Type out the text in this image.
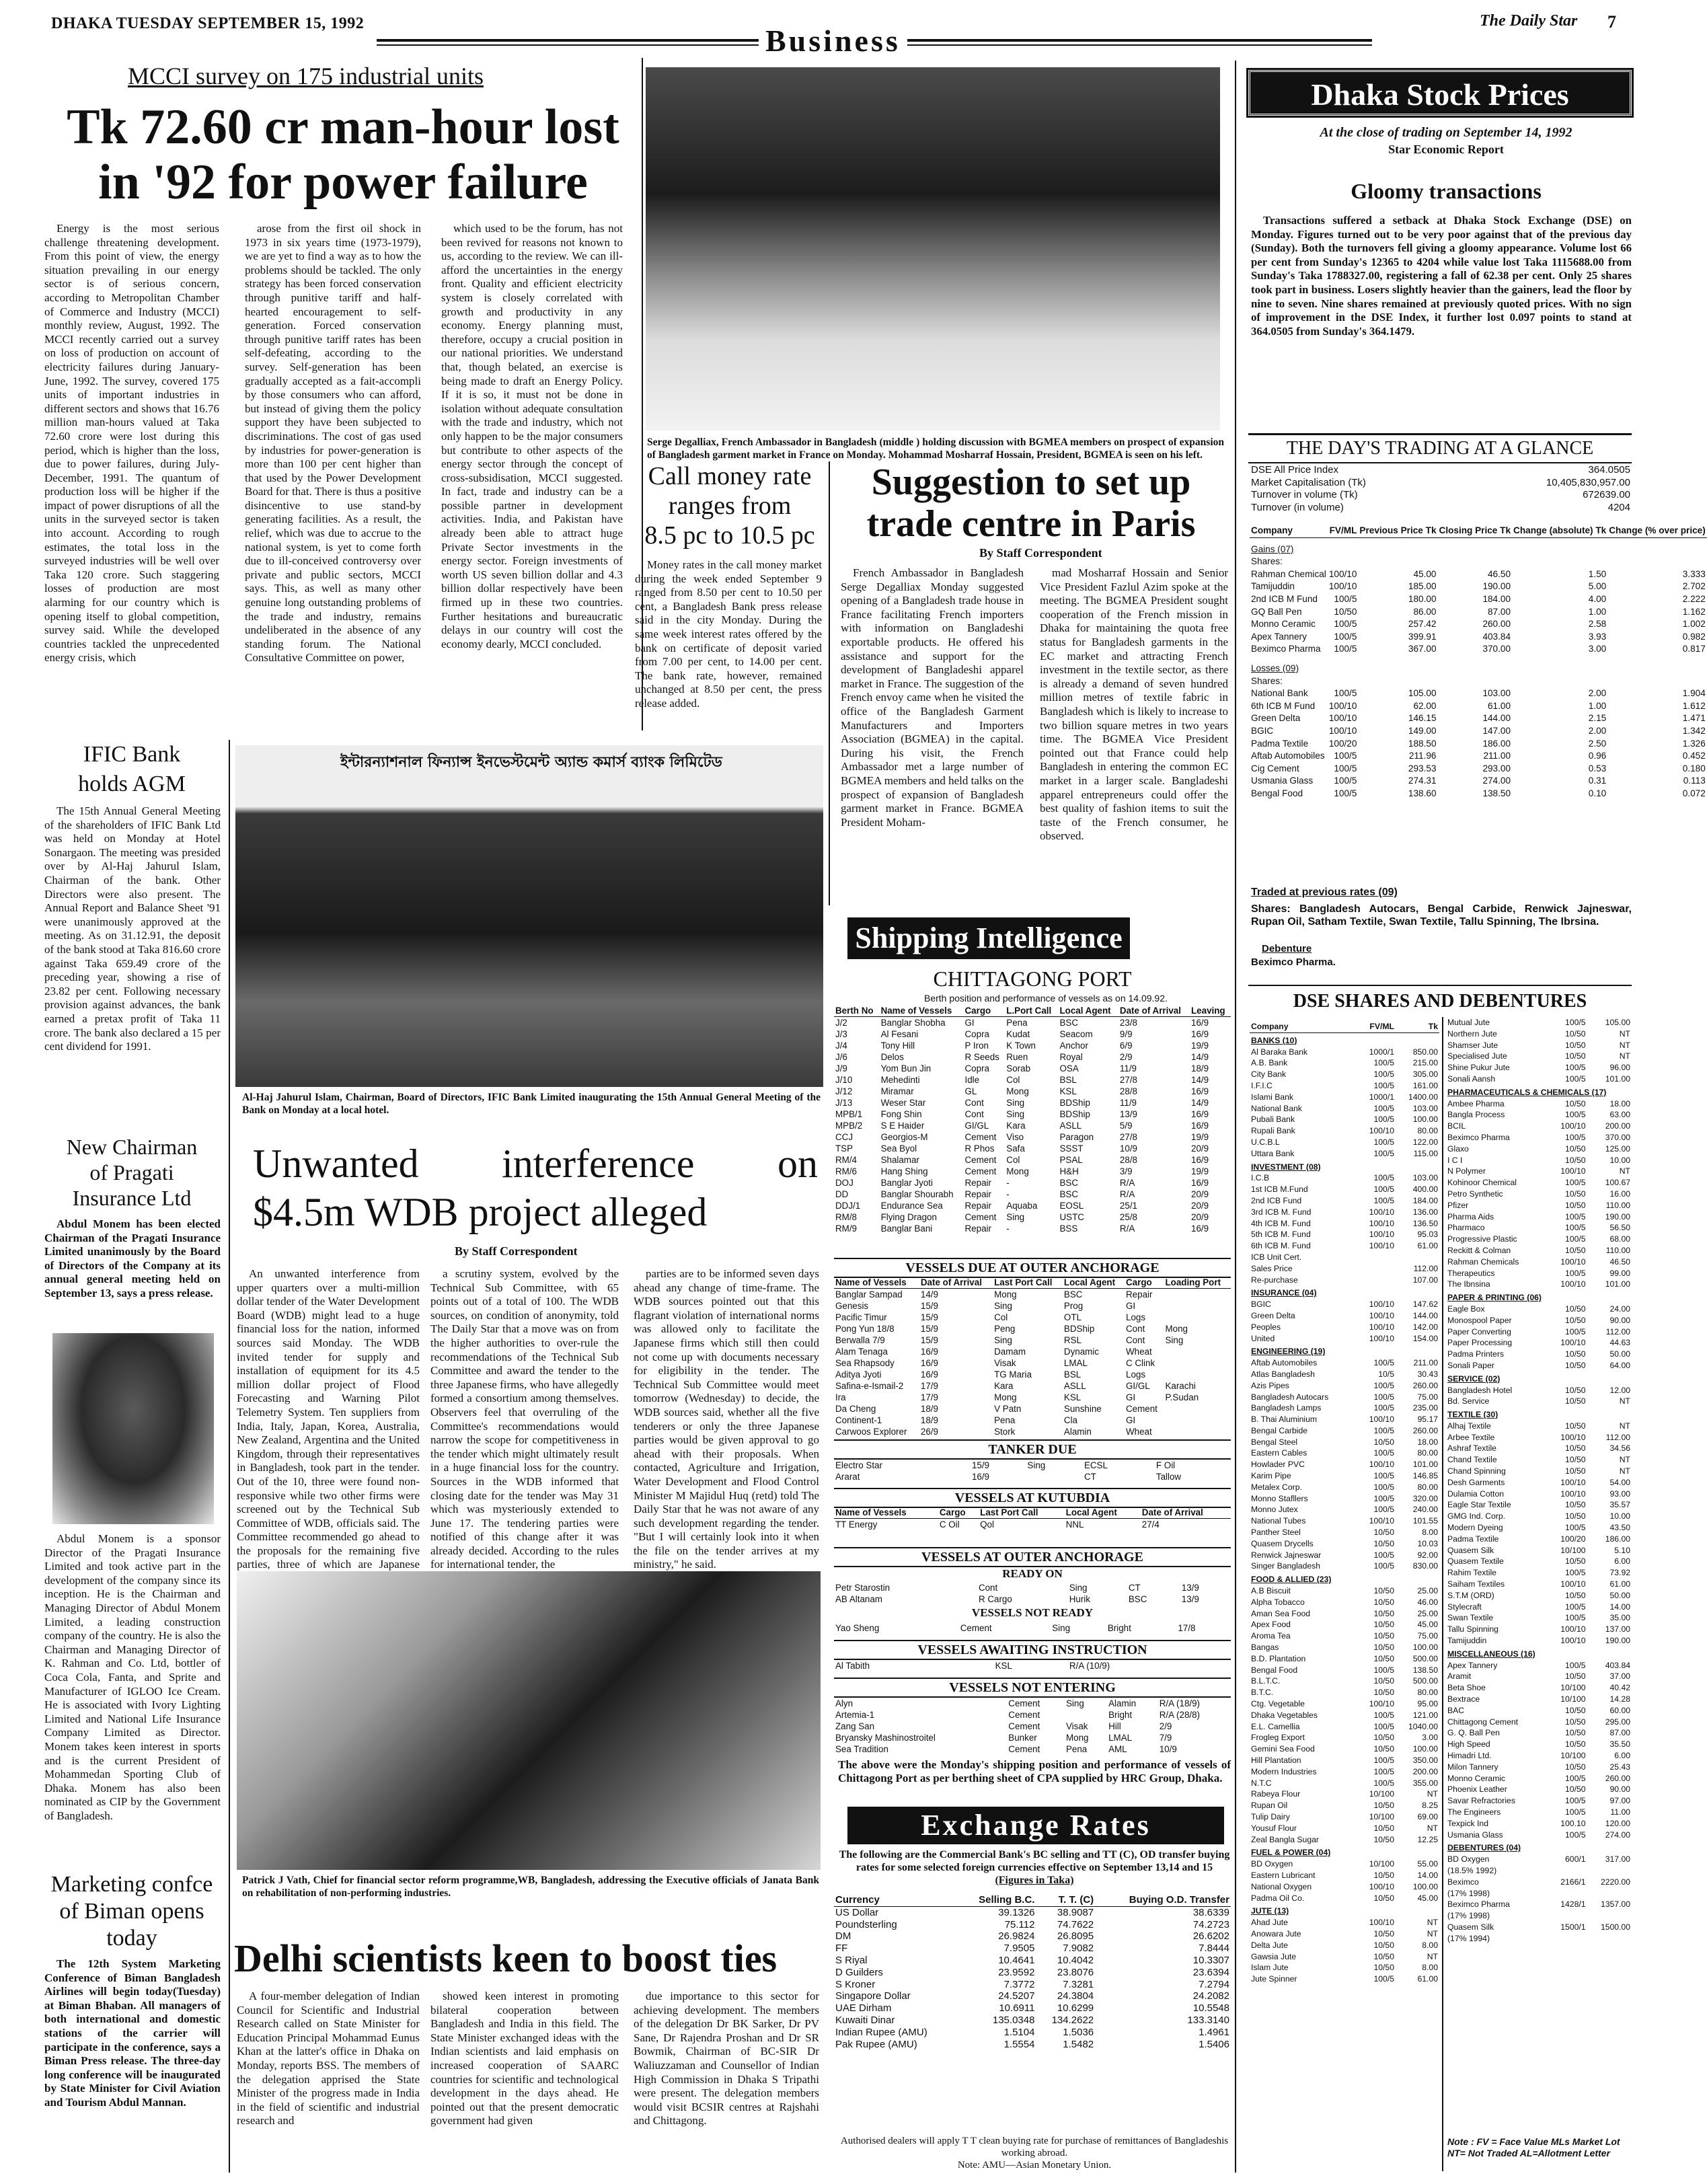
DHAKA TUESDAY SEPTEMBER 15, 1992	Business
The Daily Star 7
MCCI survey on 175 industrial units
Tk 72.60 cr man-hour lost
in '92 for power failure

Energy is the most serious challenge threatening development. From this point of view, the energy situation prevailing in our energy sector is of serious concern, according to Metropolitan Chamber of Commerce and Industry (MCCI) monthly review, August, 1992. The MCCI recently carried out a survey on loss of production on account of electricity failures during January-June, 1992. The survey, covered 175 units of important industries in different sectors and shows that 16.76 million man-hours valued at Taka 72.60 crore were lost during this period, which is higher than the loss, due to power failures, during July-December, 1991. The quantum of production loss will be higher if the impact of power disruptions of all the units in the surveyed sector is taken into account. According to rough estimates, the total loss in the surveyed industries will be well over Taka 120 crore. Such staggering losses of production are most alarming for our country which is opening itself to global competition, survey said. While the developed countries tackled the unprecedented energy crisis, which

arose from the first oil shock in 1973 in six years time (1973-1979), we are yet to find a way as to how the problems should be tackled. The only strategy has been forced conservation through punitive tariff and half-hearted encouragement to self-generation. Forced conservation through punitive tariff rates has been self-defeating, according to the survey. Self-generation has been gradually accepted as a fait-accompli by those consumers who can afford, but instead of giving them the policy support they have been subjected to discriminations. The cost of gas used by industries for power-generation is more than 100 per cent higher than that used by the Power Development Board for that. There is thus a positive disincentive to use stand-by generating facilities. As a result, the relief, which was due to accrue to the national system, is yet to come forth due to ill-conceived controversy over private and public sectors, MCCI says. This, as well as many other genuine long outstanding problems of the trade and industry, remains undeliberated in the absence of any standing forum. The National Consultative Committee on power,

which used to be the forum, has not been revived for reasons not known to us, according to the review. We can ill-afford the uncertainties in the energy front. Quality and efficient electricity system is closely correlated with growth and productivity in any economy. Energy planning must, therefore, occupy a crucial position in our national priorities. We understand that, though belated, an exercise is being made to draft an Energy Policy. If it is so, it must not be done in isolation without adequate consultation with the trade and industry, which not only happen to be the major consumers but contribute to other aspects of the energy sector through the concept of cross-subsidisation, MCCI suggested. In fact, trade and industry can be a possible partner in development activities. India, and Pakistan have already been able to attract huge Private Sector investments in the energy sector. Foreign investments of worth US seven billion dollar and 4.3 billion dollar respectively have been firmed up in these two countries. Further hesitations and bureaucratic delays in our country will cost the economy dearly, MCCI concluded.

Serge Degalliax, French Ambassador in Bangladesh (middle ) holding discussion with BGMEA members on prospect of expansion of Bangladesh garment market in France on Monday. Mohammad Mosharraf Hossain, President, BGMEA is seen on his left.
Call money rate
ranges from
8.5 pc to 10.5 pc

Money rates in the call money market during the week ended September 9 ranged from 8.50 per cent to 10.50 per cent, a Bangladesh Bank press release said in the city Monday. During the same week interest rates offered by the bank on certificate of deposit varied from 7.00 per cent, to 14.00 per cent. The bank rate, however, remained unchanged at 8.50 per cent, the press release added.

Suggestion to set up
trade centre in Paris
By Staff Correspondent

French Ambassador in Bangladesh Serge Degalliax Monday suggested opening of a Bangladesh trade house in France facilitating French importers with information on Bangladeshi exportable products. He offered his assistance and support for the development of Bangladeshi apparel market in France. The suggestion of the French envoy came when he visited the office of the Bangladesh Garment Manufacturers and Importers Association (BGMEA) in the capital. During his visit, the French Ambassador met a large number of BGMEA members and held talks on the prospect of expansion of Bangladesh garment market in France. BGMEA President Moham-

mad Mosharraf Hossain and Senior Vice President Fazlul Azim spoke at the meeting. The BGMEA President sought cooperation of the French mission in Dhaka for maintaining the quota free status for Bangladesh garments in the EC market and attracting French investment in the textile sector, as there is already a demand of seven hundred million metres of textile fabric in Bangladesh which is likely to increase to two billion square metres in two years time. The BGMEA Vice President pointed out that France could help Bangladesh in entering the common EC market in a larger scale. Bangladeshi apparel entrepreneurs could offer the best quality of fashion items to suit the taste of the French consumer, he observed.

IFIC Bank
holds AGM

The 15th Annual General Meeting of the shareholders of IFIC Bank Ltd was held on Monday at Hotel Sonargaon. The meeting was presided over by Al-Haj Jahurul Islam, Chairman of the bank. Other Directors were also present. The Annual Report and Balance Sheet '91 were unanimously approved at the meeting. As on 31.12.91, the deposit of the bank stood at Taka 816.60 crore against Taka 659.49 crore of the preceding year, showing a rise of 23.82 per cent. Following necessary provision against advances, the bank earned a pretax profit of Taka 11 crore. The bank also declared a 15 per cent dividend for 1991.

ইন্টারন্যাশনাল ফিন্যান্স ইনভেস্টমেন্ট অ্যান্ড কমার্স ব্যাংক লিমিটেড
Al-Haj Jahurul Islam, Chairman, Board of Directors, IFIC Bank Limited inaugurating the 15th Annual General Meeting of the Bank on Monday at a local hotel.
New Chairman
of Pragati
Insurance Ltd

Abdul Monem has been elected Chairman of the Pragati Insurance Limited unanimously by the Board of Directors of the Company at its annual general meeting held on September 13, says a press release.

Abdul Monem is a sponsor Director of the Pragati Insurance Limited and took active part in the development of the company since its inception. He is the Chairman and Managing Director of Abdul Monem Limited, a leading construction company of the country. He is also the Chairman and Managing Director of K. Rahman and Co. Ltd, bottler of Coca Cola, Fanta, and Sprite and Manufacturer of IGLOO Ice Cream. He is associated with Ivory Lighting Limited and National Life Insurance Company Limited as Director. Monem takes keen interest in sports and is the current President of Mohammedan Sporting Club of Dhaka. Monem has also been nominated as CIP by the Government of Bangladesh.

Marketing confce
of Biman opens
today

The 12th System Marketing Conference of Biman Bangladesh Airlines will begin today(Tuesday) at Biman Bhaban. All managers of both international and domestic stations of the carrier will participate in the conference, says a Biman Press release. The three-day long conference will be inaugurated by State Minister for Civil Aviation and Tourism Abdul Mannan.

Unwanted interference on
$4.5m WDB project alleged
By Staff Correspondent

An unwanted interference from upper quarters over a multi-million dollar tender of the Water Development Board (WDB) might lead to a huge financial loss for the nation, informed sources said Monday. The WDB invited tender for supply and installation of equipment for its 4.5 million dollar project of Flood Forecasting and Warning Pilot Telemetry System. Ten suppliers from India, Italy, Japan, Korea, Australia, New Zealand, Argentina and the United Kingdom, through their representatives in Bangladesh, took part in the tender. Out of the 10, three were found non-responsive while two other firms were screened out by the Technical Sub Committee of WDB, officials said. The Committee recommended go ahead to the proposals for the remaining five parties, three of which are Japanese

a scrutiny system, evolved by the Technical Sub Committee, with 65 points out of a total of 100. The WDB sources, on condition of anonymity, told The Daily Star that a move was on from the higher authorities to over-rule the recommendations of the Technical Sub Committee and award the tender to the three Japanese firms, who have allegedly formed a consortium among themselves. Observers feel that overruling of the Committee's recommendations would narrow the scope for competitiveness in the tender which might ultimately result in a huge financial loss for the country. Sources in the WDB informed that closing date for the tender was May 31 which was mysteriously extended to June 17. The tendering parties were notified of this change after it was already decided. According to the rules for international tender, the

parties are to be informed seven days ahead any change of time-frame. The WDB sources pointed out that this flagrant violation of international norms was allowed only to facilitate the Japanese firms which still then could not come up with documents necessary for eligibility in the tender. The Technical Sub Committee would meet tomorrow (Wednesday) to decide, the WDB sources said, whether all the five tenderers or only the three Japanese parties would be given approval to go ahead with their proposals. When contacted, Agriculture and Irrigation, Water Development and Flood Control Minister M Majidul Huq (retd) told The Daily Star that he was not aware of any such development regarding the tender. "But I will certainly look into it when the file on the tender arrives at my ministry," he said.

Patrick J Vath, Chief for financial sector reform programme,WB, Bangladesh, addressing the Executive officials of Janata Bank on rehabilitation of non-performing industries.
Delhi scientists keen to boost ties

A four-member delegation of Indian Council for Scientific and Industrial Research called on State Minister for Education Principal Mohammad Eunus Khan at the latter's office in Dhaka on Monday, reports BSS. The members of the delegation apprised the State Minister of the progress made in India in the field of scientific and industrial research and

showed keen interest in promoting bilateral cooperation between Bangladesh and India in this field. The State Minister exchanged ideas with the Indian scientists and laid emphasis on increased cooperation of SAARC countries for scientific and technological development in the days ahead. He pointed out that the present democratic government had given

due importance to this sector for achieving development. The members of the delegation Dr BK Sarker, Dr PV Sane, Dr Rajendra Proshan and Dr SR Bowmik, Chairman of BC-SIR Dr Waliuzzaman and Counsellor of Indian High Commission in Dhaka S Tripathi were present. The delegation members would visit BCSIR centres at Rajshahi and Chittagong.

Shipping Intelligence
CHITTAGONG PORT
Berth position and performance of vessels as on 14.09.92.
Berth No	Name of Vessels	Cargo	L.Port Call	Local Agent	Date of Arrival	Leaving
J/2	Banglar Shobha	GI	Pena	BSC	23/8	16/9
J/3	Al Fesani	Copra	Kudat	Seacom	9/9	16/9
J/4	Tony Hill	P Iron	K Town	Anchor	6/9	19/9
J/6	Delos	R Seeds	Ruen	Royal	2/9	14/9
J/9	Yom Bun Jin	Copra	Sorab	OSA	11/9	18/9
J/10	Mehedinti	Idle	Col	BSL	27/8	14/9
J/12	Miramar	GL	Mong	KSL	28/8	16/9
J/13	Weser Star	Cont	Sing	BDShip	11/9	14/9
MPB/1	Fong Shin	Cont	Sing	BDShip	13/9	16/9
MPB/2	S E Haider	GI/GL	Kara	ASLL	5/9	16/9
CCJ	Georgios-M	Cement	Viso	Paragon	27/8	19/9
TSP	Sea Byol	R Phos	Safa	SSST	10/9	20/9
RM/4	Shalamar	Cement	Col	PSAL	28/8	16/9
RM/6	Hang Shing	Cement	Mong	H&H	3/9	19/9
DOJ	Banglar Jyoti	Repair	-	BSC	R/A	16/9
DD	Banglar Shourabh	Repair	-	BSC	R/A	20/9
DDJ/1	Endurance Sea	Repair	Aquaba	EOSL	25/1	20/9
RM/8	Flying Dragon	Cement	Sing	USTC	25/8	20/9
RM/9	Banglar Bani	Repair	-	BSS	R/A	16/9
VESSELS DUE AT OUTER ANCHORAGE
Name of Vessels	Date of Arrival	Last Port Call	Local Agent	Cargo	Loading Port
Banglar Sampad	14/9	Mong	BSC	Repair	
Genesis	15/9	Sing	Prog	GI	
Pacific Timur	15/9	Col	OTL	Logs	
Pong Yun 18/8	15/9	Peng	BDShip	Cont	Mong
Berwalla 7/9	15/9	Sing	RSL	Cont	Sing
Alam Tenaga	16/9	Damam	Dynamic	Wheat	
Sea Rhapsody	16/9	Visak	LMAL	C Clink	
Aditya Jyoti	16/9	TG Maria	BSL	Logs	
Safina-e-Ismail-2	17/9	Kara	ASLL	GI/GL	Karachi
Ira	17/9	Mong	KSL	GI	P.Sudan
Da Cheng	18/9	V Patn	Sunshine	Cement	
Continent-1	18/9	Pena	Cla	GI	
Carwoos Explorer	26/9	Stork	Alamin	Wheat	
TANKER DUE
Electro Star	15/9	Sing	ECSL	F Oil
Ararat	16/9		CT	Tallow
VESSELS AT KUTUBDIA
Name of Vessels	Cargo	Last Port Call	Local Agent	Date of Arrival
TT Energy	C Oil	Qol	NNL	27/4
VESSELS AT OUTER ANCHORAGE
READY ON
Petr Starostin	Cont	Sing	CT	13/9
AB Altanam	R Cargo	Hurik	BSC	13/9
VESSELS NOT READY
Yao Sheng	Cement	Sing	Bright	17/8
VESSELS AWAITING INSTRUCTION
Al Tabith			KSL	R/A (10/9)
VESSELS NOT ENTERING
Alyn	Cement	Sing	Alamin	R/A (18/9)
Artemia-1	Cement		Bright	R/A (28/8)
Zang San	Cement	Visak	Hill	2/9
Bryansky Mashinostroitel	Bunker	Mong	LMAL	7/9
Sea Tradition	Cement	Pena	AML	10/9
The above were the Monday's shipping position and performance of vessels of Chittagong Port as per berthing sheet of CPA supplied by HRC Group, Dhaka.
Exchange Rates
The following are the Commercial Bank's BC selling and TT (C), OD transfer buying rates for some selected foreign currencies effective on September 13,14 and 15 (Figures in Taka)
Currency	Selling B.C.	T. T. (C)	Buying O.D. Transfer
US Dollar	39.1326	38.9087	38.6339
Poundsterling	75.112	74.7622	74.2723
DM	26.9824	26.8095	26.6202
FF	7.9505	7.9082	7.8444
S Riyal	10.4641	10.4042	10.3307
D Guilders	23.9592	23.8076	23.6394
S Kroner	7.3772	7.3281	7.2794
Singapore Dollar	24.5207	24.3804	24.2082
UAE Dirham	10.6911	10.6299	10.5548
Kuwaiti Dinar	135.0348	134.2622	133.3140
Indian Rupee (AMU)	1.5104	1.5036	1.4961
Pak Rupee (AMU)	1.5554	1.5482	1.5406
Authorised dealers will apply T T clean buying rate for purchase of remittances of Bangladeshis working abroad.
Note: AMU—Asian Monetary Union.
Dhaka Stock Prices
At the close of trading on September 14, 1992
Star Economic Report
Gloomy transactions

Transactions suffered a setback at Dhaka Stock Exchange (DSE) on Monday. Figures turned out to be very poor against that of the previous day (Sunday). Both the turnovers fell giving a gloomy appearance. Volume lost 66 per cent from Sunday's 12365 to 4204 while value lost Taka 1115688.00 from Sunday's Taka 1788327.00, registering a fall of 62.38 per cent. Only 25 shares took part in business. Losers slightly heavier than the gainers, lead the floor by nine to seven. Nine shares remained at previously quoted prices. With no sign of improvement in the DSE Index, it further lost 0.097 points to stand at 364.0505 from Sunday's 364.1479.

THE DAY'S TRADING AT A GLANCE
DSE All Price Index	364.0505
Market Capitalisation (Tk)	10,405,830,957.00
Turnover in volume (Tk)	672639.00
Turnover (in volume)	4204
Company	FV/ML	Previous Price Tk	Closing Price Tk	Change (absolute) Tk	Change (% over price)
Gains (07)					
Shares:					
Rahman Chemical	100/10	45.00	46.50	1.50	3.333
Tamijuddin	100/10	185.00	190.00	5.00	2.702
2nd ICB M Fund	100/5	180.00	184.00	4.00	2.222
GQ Ball Pen	10/50	86.00	87.00	1.00	1.162
Monno Ceramic	100/5	257.42	260.00	2.58	1.002
Apex Tannery	100/5	399.91	403.84	3.93	0.982
Beximco Pharma	100/5	367.00	370.00	3.00	0.817
Losses (09)					
Shares:					
National Bank	100/5	105.00	103.00	2.00	1.904
6th ICB M Fund	100/10	62.00	61.00	1.00	1.612
Green Delta	100/10	146.15	144.00	2.15	1.471
BGIC	100/10	149.00	147.00	2.00	1.342
Padma Textile	100/20	188.50	186.00	2.50	1.326
Aftab Automobiles	100/5	211.96	211.00	0.96	0.452
Cig Cement	100/5	293.53	293.00	0.53	0.180
Usmania Glass	100/5	274.31	274.00	0.31	0.113
Bengal Food	100/5	138.60	138.50	0.10	0.072
Traded at previous rates (09)
Shares: Bangladesh Autocars, Bengal Carbide, Renwick Jajneswar, Rupan Oil, Satham Textile, Swan Textile, Tallu Spinning, The Ibrsina.
Debenture
Beximco Pharma.
DSE SHARES AND DEBENTURES
Company	FV/ML	Tk
BANKS (10)		
Al Baraka Bank	1000/1	850.00
A.B. Bank	100/5	215.00
City Bank	100/5	305.00
I.F.I.C	100/5	161.00
Islami Bank	1000/1	1400.00
National Bank	100/5	103.00
Pubali Bank	100/5	100.00
Rupali Bank	100/10	80.00
U.C.B.L	100/5	122.00
Uttara Bank	100/5	115.00
INVESTMENT (08)		
I.C.B	100/5	103.00
1st ICB M.Fund	100/5	400.00
2nd ICB Fund	100/5	184.00
3rd ICB M. Fund	100/10	136.00
4th ICB M. Fund	100/10	136.50
5th ICB M. Fund	100/10	95.03
6th ICB M. Fund	100/10	61.00
ICB Unit Cert.		
Sales Price		112.00
Re-purchase		107.00
INSURANCE (04)		
BGIC	100/10	147.62
Green Delta	100/10	144.00
Peoples	100/10	142.00
United	100/10	154.00
ENGINEERING (19)		
Aftab Automobiles	100/5	211.00
Atlas Bangladesh	10/5	30.43
Azis Pipes	100/5	260.00
Bangladesh Autocars	100/5	75.00
Bangladesh Lamps	100/5	235.00
B. Thai Aluminium	100/10	95.17
Bengal Carbide	100/5	260.00
Bengal Steel	10/50	18.00
Eastern Cables	100/5	80.00
Howlader PVC	100/10	101.00
Karim Pipe	100/5	146.85
Metalex Corp.	100/5	80.00
Monno Stafllers	100/5	320.00
Monno Jutex	100/5	240.00
National Tubes	100/10	101.55
Panther Steel	10/50	8.00
Quasem Drycells	10/50	10.03
Renwick Jajneswar	100/5	92.00
Singer Bangladesh	100/5	830.00
FOOD & ALLIED (23)		
A.B Biscuit	10/50	25.00
Alpha Tobacco	10/50	46.00
Aman Sea Food	10/50	25.00
Apex Food	10/50	45.00
Aroma Tea	10/50	75.00
Bangas	10/50	100.00
B.D. Plantation	10/50	500.00
Bengal Food	100/5	138.50
B.L.T.C.	10/50	500.00
B.T.C.	10/50	80.00
Ctg. Vegetable	100/10	95.00
Dhaka Vegetables	100/5	121.00
E.L. Camellia	100/5	1040.00
Frogleg Export	10/50	3.00
Gemini Sea Food	10/50	100.00
Hill Plantation	100/5	350.00
Modern Industries	100/5	200.00
N.T.C	100/5	355.00
Rabeya Flour	10/100	NT
Rupan Oil	10/50	8.25
Tulip Dairy	10/100	69.00
Yousuf Flour	10/50	NT
Zeal Bangla Sugar	10/50	12.25
FUEL & POWER (04)		
BD Oxygen	10/100	55.00
Eastern Lubricant	10/50	14.00
National Oxygen	100/10	100.00
Padma Oil Co.	10/50	45.00
JUTE (13)		
Ahad Jute	100/10	NT
Anowara Jute	10/50	NT
Delta Jute	10/50	8.00
Gawsia Jute	10/50	NT
Islam Jute	10/50	8.00
Jute Spinner	100/5	61.00
Mutual Jute	100/5	105.00
Northern Jute	10/50	NT
Shamser Jute	10/50	NT
Specialised Jute	10/50	NT
Shine Pukur Jute	100/5	96.00
Sonali Aansh	100/5	101.00
PHARMACEUTICALS & CHEMICALS (17)		
Ambee Pharma	10/50	18.00
Bangla Process	100/5	63.00
BCIL	100/10	200.00
Beximco Pharma	100/5	370.00
Glaxo	10/50	125.00
I C I	10/50	10.00
N Polymer	100/10	NT
Kohinoor Chemical	100/5	100.67
Petro Synthetic	10/50	16.00
Pfizer	10/50	110.00
Pharma Aids	100/5	190.00
Pharmaco	100/5	56.50
Progressive Plastic	100/5	68.00
Reckitt & Colman	10/50	110.00
Rahman Chemicals	100/10	46.50
Therapeutics	100/5	99.00
The Ibnsina	100/10	101.00
PAPER & PRINTING (06)		
Eagle Box	10/50	24.00
Monospool Paper	10/50	90.00
Paper Converting	100/5	112.00
Paper Processing	100/10	44.63
Padma Printers	10/50	50.00
Sonali Paper	10/50	64.00
SERVICE (02)		
Bangladesh Hotel	10/50	12.00
Bd. Service	10/50	NT
TEXTILE (30)		
Alhaj Textile	10/50	NT
Arbee Textile	100/10	112.00
Ashraf Textile	10/50	34.56
Chand Textile	10/50	NT
Chand Spinning	10/50	NT
Desh Garments	100/10	54.00
Dulamia Cotton	100/10	93.00
Eagle Star Textile	10/50	35.57
GMG Ind. Corp.	10/50	10.00
Modern Dyeing	100/5	43.50
Padma Textile	100/20	186.00
Quasem Silk	10/100	5.10
Quasem Textile	10/50	6.00
Rahim Textile	100/5	73.92
Saiham Textiles	100/10	61.00
S.T.M (ORD)	10/50	50.00
Stylecraft	100/5	14.00
Swan Textile	100/5	35.00
Tallu Spinning	100/10	137.00
Tamijuddin	100/10	190.00
MISCELLANEOUS (16)		
Apex Tannery	100/5	403.84
Aramit	10/50	37.00
Beta Shoe	10/100	40.42
Bextrace	10/100	14.28
BAC	10/50	60.00
Chittagong Cement	10/50	295.00
G. Q. Ball Pen	10/50	87.00
High Speed	10/50	35.50
Himadri Ltd.	10/100	6.00
Milon Tannery	10/50	25.43
Monno Ceramic	100/5	260.00
Phoenix Leather	10/50	90.00
Savar Refractories	100/5	97.00
The Engineers	100/5	11.00
Texpick Ind	100.10	120.00
Usmania Glass	100/5	274.00
DEBENTURES (04)		
BD Oxygen	600/1	317.00
(18.5% 1992)		
Beximco	2166/1	2220.00
(17% 1998)		
Beximco Pharma	1428/1	1357.00
(17% 1998)		
Quasem Silk	1500/1	1500.00
(17% 1994)		
Note : FV = Face Value MLs Market Lot NT= Not Traded AL=Allotment Letter
